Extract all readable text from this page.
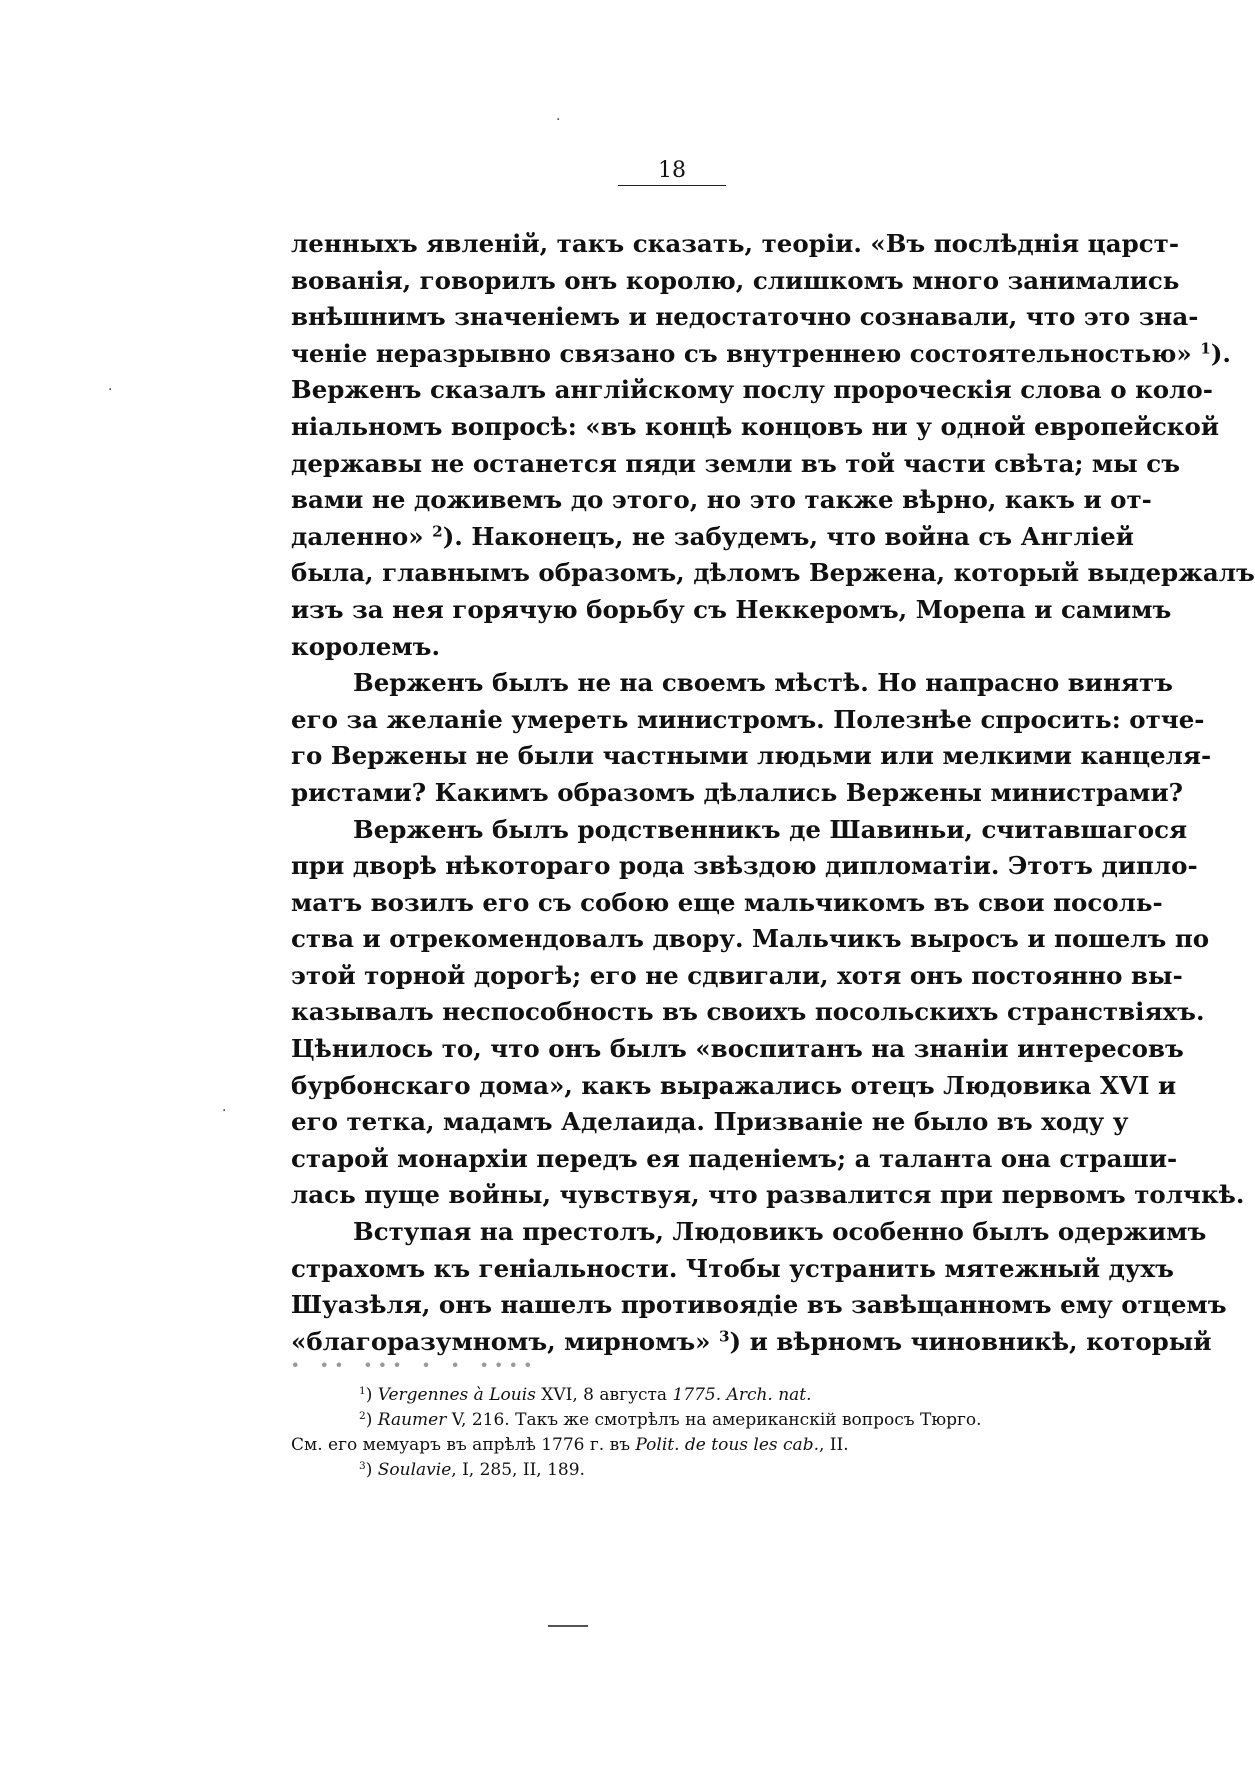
18
ленныхъ явленiй, такъ сказать, теорiи. «Въ послѣднiя царст-
вованiя, говорилъ онъ королю, слишкомъ много занимались
внѣшнимъ значенiемъ и недостаточно сознавали, что это зна-
ченiе неразрывно связано съ внутреннею состоятельностью» $^1$).
Верженъ сказалъ англiйскому послу пророческiя слова о коло-
нiальномъ вопросѣ: «въ концѣ концовъ ни у одной европейской
державы не останется пяди земли въ той части свѣта; мы съ
вами не доживемъ до этого, но это также вѣрно, какъ и от-
даленно» $^2$). Наконецъ, не забудемъ, что война съ Англiей
была, главнымъ образомъ, дѣломъ Вержена, который выдержалъ
изъ за нея горячую борьбу съ Неккеромъ, Морепа и самимъ
королемъ.
Верженъ былъ не на своемъ мѣстѣ. Но напрасно винятъ
его за желанiе умереть министромъ. Полезнѣе спросить: отче-
го Вержены не были частными людьми или мелкими канцеля-
ристами? Какимъ образомъ дѣлались Вержены министрами?
Верженъ былъ родственникъ де Шавиньи, считавшагося
при дворѣ нѣкотораго рода звѣздою дипломатiи. Этотъ дипло-
матъ возилъ его съ собою еще мальчикомъ въ свои посоль-
ства и отрекомендовалъ двору. Мальчикъ выросъ и пошелъ по
этой торной дорогѣ; его не сдвигали, хотя онъ постоянно вы-
казывалъ неспособность въ своихъ посольскихъ странствiяхъ.
Цѣнилось то, что онъ былъ «воспитанъ на знанiи интересовъ
бурбонскаго дома», какъ выражались отецъ Людовика XVI и
его тетка, мадамъ Аделаида. Призванiе не было въ ходу у
старой монархiи передъ ея паденiемъ; а таланта она страши-
лась пуще войны, чувствуя, что развалится при первомъ толчкѣ.
Вступая на престолъ, Людовикъ особенно былъ одержимъ
страхомъ къ генiальности. Чтобы устранить мятежный духъ
Шуазѣля, онъ нашелъ противоядiе въ завѣщанномъ ему отцемъ
«благоразумномъ, мирномъ» $^3$) и вѣрномъ чиновникѣ, который
· ·· ··· · · ····
$^1$) Vergennes à Louis XVI, 8 августа 1775. Arch. nat.
$^2$) Raumer V, 216. Такъ же смотрѣлъ на американскiй вопросъ Тюрго.
См. его мемуаръ въ апрѣлѣ 1776 г. въ Polit. de tous les cab., II.
$^3$) Soulavie, I, 285, II, 189.
·
·
·
